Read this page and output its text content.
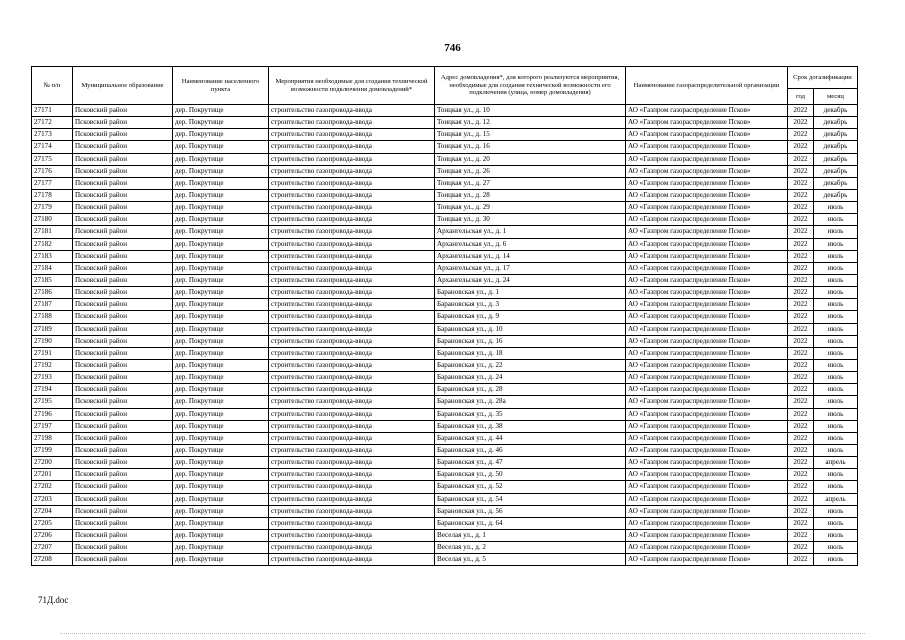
746
№ п/п	Муниципальное образование	Наименование населенного пункта	Мероприятия необходимые для создания технической возможности подключения домовладений*	Адрес домовладения*, для которого реализуются мероприятия, необходимые для создания технической возможности его подключения (улица, номер домовладения)	Наименование газораспределительной организации	Срок догазификации	
						год	месяц
27171	Псковский район	дер. Покрутище	строительство газопровода-ввода	Тоицкая ул., д. 10	АО «Газпром газораспределение Псков»	2022	декабрь
27172	Псковский район	дер. Покрутище	строительство газопровода-ввода	Тоицкая ул., д. 12	АО «Газпром газораспределение Псков»	2022	декабрь
27173	Псковский район	дер. Покрутище	строительство газопровода-ввода	Тоицкая ул., д. 15	АО «Газпром газораспределение Псков»	2022	декабрь
27174	Псковский район	дер. Покрутище	строительство газопровода-ввода	Тоицкая ул., д. 16	АО «Газпром газораспределение Псков»	2022	декабрь
27175	Псковский район	дер. Покрутище	строительство газопровода-ввода	Тоицкая ул., д. 20	АО «Газпром газораспределение Псков»	2022	декабрь
27176	Псковский район	дер. Покрутище	строительство газопровода-ввода	Тоицкая ул., д. 26	АО «Газпром газораспределение Псков»	2022	декабрь
27177	Псковский район	дер. Покрутище	строительство газопровода-ввода	Тоицкая ул., д. 27	АО «Газпром газораспределение Псков»	2022	декабрь
27178	Псковский район	дер. Покрутище	строительство газопровода-ввода	Тоицкая ул., д. 28	АО «Газпром газораспределение Псков»	2022	декабрь
27179	Псковский район	дер. Покрутище	строительство газопровода-ввода	Тоицкая ул., д. 29	АО «Газпром газораспределение Псков»	2022	июль
27180	Псковский район	дер. Покрутище	строительство газопровода-ввода	Тоицкая ул., д. 30	АО «Газпром газораспределение Псков»	2022	июль
27181	Псковский район	дер. Покрутище	строительство газопровода-ввода	Архангельская ул., д. 1	АО «Газпром газораспределение Псков»	2022	июль
27182	Псковский район	дер. Покрутище	строительство газопровода-ввода	Архангельская ул., д. 6	АО «Газпром газораспределение Псков»	2022	июль
27183	Псковский район	дер. Покрутище	строительство газопровода-ввода	Архангельская ул., д. 14	АО «Газпром газораспределение Псков»	2022	июль
27184	Псковский район	дер. Покрутище	строительство газопровода-ввода	Архангельская ул., д. 17	АО «Газпром газораспределение Псков»	2022	июль
27185	Псковский район	дер. Покрутище	строительство газопровода-ввода	Архангельская ул., д. 24	АО «Газпром газораспределение Псков»	2022	июль
27186	Псковский район	дер. Покрутище	строительство газопровода-ввода	Барановская ул., д. 1	АО «Газпром газораспределение Псков»	2022	июль
27187	Псковский район	дер. Покрутище	строительство газопровода-ввода	Барановская ул., д. 3	АО «Газпром газораспределение Псков»	2022	июль
27188	Псковский район	дер. Покрутище	строительство газопровода-ввода	Барановская ул., д. 9	АО «Газпром газораспределение Псков»	2022	июль
27189	Псковский район	дер. Покрутище	строительство газопровода-ввода	Барановская ул., д. 10	АО «Газпром газораспределение Псков»	2022	июль
27190	Псковский район	дер. Покрутище	строительство газопровода-ввода	Барановская ул., д. 16	АО «Газпром газораспределение Псков»	2022	июль
27191	Псковский район	дер. Покрутище	строительство газопровода-ввода	Барановская ул., д. 18	АО «Газпром газораспределение Псков»	2022	июль
27192	Псковский район	дер. Покрутище	строительство газопровода-ввода	Барановская ул., д. 22	АО «Газпром газораспределение Псков»	2022	июль
27193	Псковский район	дер. Покрутище	строительство газопровода-ввода	Барановская ул., д. 24	АО «Газпром газораспределение Псков»	2022	июль
27194	Псковский район	дер. Покрутище	строительство газопровода-ввода	Барановская ул., д. 28	АО «Газпром газораспределение Псков»	2022	июль
27195	Псковский район	дер. Покрутище	строительство газопровода-ввода	Барановская ул., д. 28а	АО «Газпром газораспределение Псков»	2022	июль
27196	Псковский район	дер. Покрутище	строительство газопровода-ввода	Барановская ул., д. 35	АО «Газпром газораспределение Псков»	2022	июль
27197	Псковский район	дер. Покрутище	строительство газопровода-ввода	Барановская ул., д. 38	АО «Газпром газораспределение Псков»	2022	июль
27198	Псковский район	дер. Покрутище	строительство газопровода-ввода	Барановская ул., д. 44	АО «Газпром газораспределение Псков»	2022	июль
27199	Псковский район	дер. Покрутище	строительство газопровода-ввода	Барановская ул., д. 46	АО «Газпром газораспределение Псков»	2022	июль
27200	Псковский район	дер. Покрутище	строительство газопровода-ввода	Барановская ул., д. 47	АО «Газпром газораспределение Псков»	2022	апрель
27201	Псковский район	дер. Покрутище	строительство газопровода-ввода	Барановская ул., д. 50	АО «Газпром газораспределение Псков»	2022	июль
27202	Псковский район	дер. Покрутище	строительство газопровода-ввода	Барановская ул., д. 52	АО «Газпром газораспределение Псков»	2022	июль
27203	Псковский район	дер. Покрутище	строительство газопровода-ввода	Барановская ул., д. 54	АО «Газпром газораспределение Псков»	2022	апрель
27204	Псковский район	дер. Покрутище	строительство газопровода-ввода	Барановская ул., д. 56	АО «Газпром газораспределение Псков»	2022	июль
27205	Псковский район	дер. Покрутище	строительство газопровода-ввода	Барановская ул., д. 64	АО «Газпром газораспределение Псков»	2022	июль
27206	Псковский район	дер. Покрутище	строительство газопровода-ввода	Веселая ул., д. 1	АО «Газпром газораспределение Псков»	2022	июль
27207	Псковский район	дер. Покрутище	строительство газопровода-ввода	Веселая ул., д. 2	АО «Газпром газораспределение Псков»	2022	июль
27208	Псковский район	дер. Покрутище	строительство газопровода-ввода	Веселая ул., д. 5	АО «Газпром газораспределение Псков»	2022	июль
71Д.doc
